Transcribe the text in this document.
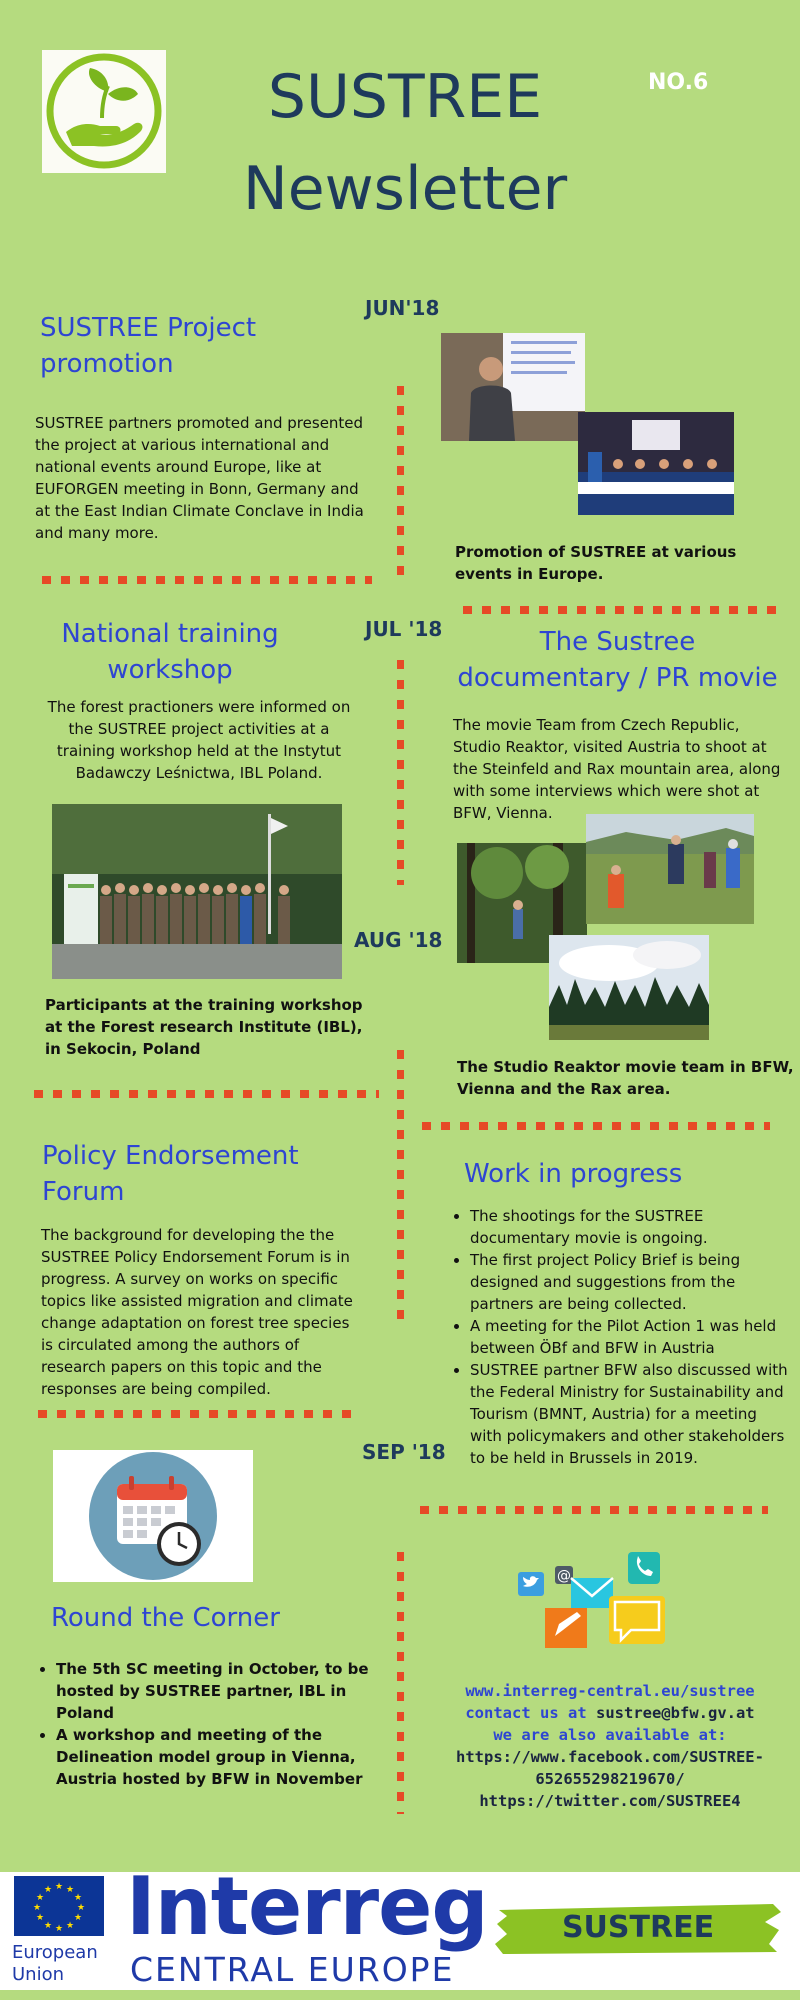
SUSTREE
Newsletter
NO.6
JUN'18
JUL '18
AUG '18
SEP '18
SUSTREE Project
promotion
SUSTREE partners promoted and presented the project at various international and national events around Europe, like at EUFORGEN meeting in Bonn, Germany and at the East Indian Climate Conclave in India and many more.
Promotion of SUSTREE at various events in Europe.
National training
workshop
The forest practioners were informed on the SUSTREE project activities at a training workshop held at the Instytut Badawczy Leśnictwa, IBL Poland.
Participants at the training workshop at the Forest research Institute (IBL), in Sekocin, Poland
The Sustree
documentary / PR movie
The movie Team from Czech Republic, Studio Reaktor, visited Austria to shoot at the Steinfeld and Rax mountain area, along with some interviews which were shot at BFW, Vienna.
The Studio Reaktor movie team in BFW, Vienna and the Rax area.
Policy Endorsement
Forum
The background for developing the the SUSTREE Policy Endorsement Forum is in progress. A survey on works on specific topics like assisted migration and climate change adaptation on forest tree species is circulated among the authors of research papers on this topic and the responses are being compiled.
Work in progress
• The shootings for the SUSTREE documentary movie is ongoing.
• The first project Policy Brief is being designed and suggestions from the partners are being collected.
• A meeting for the Pilot Action 1 was held between ÖBf and BFW in Austria
• SUSTREE partner BFW also discussed with the Federal Ministry for Sustainability and Tourism (BMNT, Austria) for a meeting with policymakers and other stakeholders to be held in Brussels in 2019.
Round the Corner
• The 5th SC meeting in October, to be hosted by SUSTREE partner, IBL in Poland
• A workshop and meeting of the Delineation model group in Vienna, Austria hosted by BFW in November
@
www.interreg-central.eu/sustree
contact us at sustree@bfw.gv.at
we are also available at:
https://www.facebook.com/SUSTREE-652655298219670/
https://twitter.com/SUSTREE4
★ ★
★
★
★
★
★
★
★
★
★
★
European
Union
Interreg
CENTRAL EUROPE
SUSTREE
